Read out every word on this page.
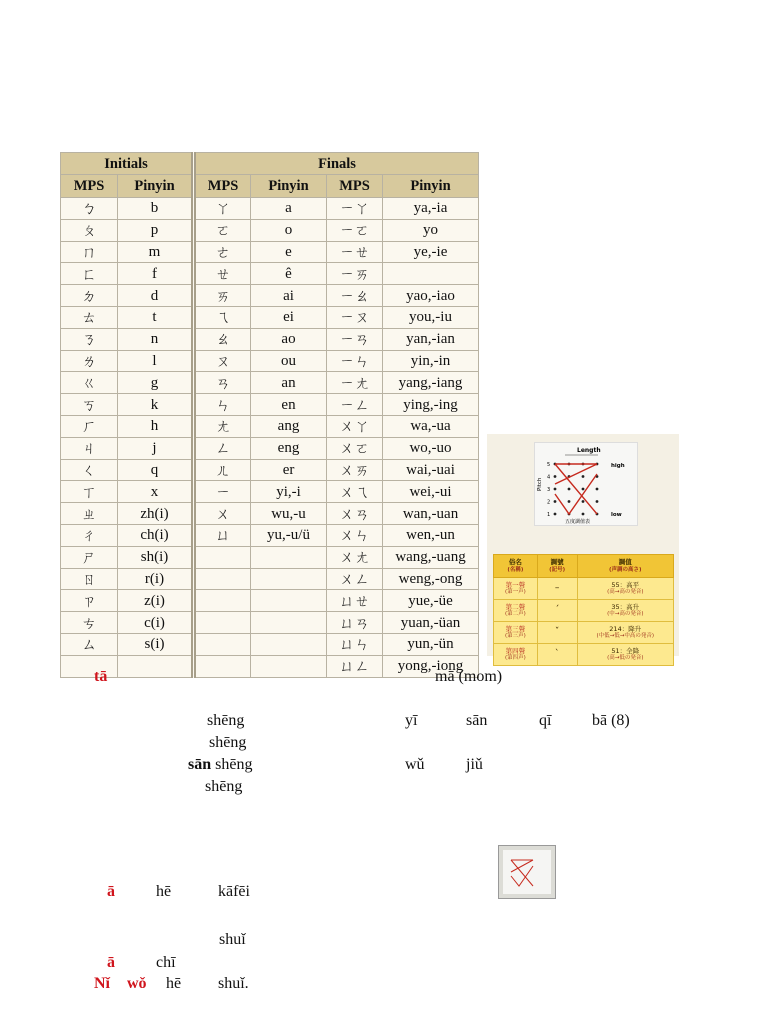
Initials		Finals			
MPS	Pinyin	MPS	Pinyin	MPS	Pinyin
ㄅ	b	ㄚ	a	ㄧㄚ	ya,-ia
ㄆ	p	ㄛ	o	ㄧㄛ	yo
ㄇ	m	ㄜ	e	ㄧㄝ	ye,-ie
ㄈ	f	ㄝ	ê	ㄧㄞ	
ㄉ	d	ㄞ	ai	ㄧㄠ	yao,-iao
ㄊ	t	ㄟ	ei	ㄧㄡ	you,-iu
ㄋ	n	ㄠ	ao	ㄧㄢ	yan,-ian
ㄌ	l	ㄡ	ou	ㄧㄣ	yin,-in
ㄍ	g	ㄢ	an	ㄧㄤ	yang,-iang
ㄎ	k	ㄣ	en	ㄧㄥ	ying,-ing
ㄏ	h	ㄤ	ang	ㄨㄚ	wa,-ua
ㄐ	j	ㄥ	eng	ㄨㄛ	wo,-uo
ㄑ	q	ㄦ	er	ㄨㄞ	wai,-uai
ㄒ	x	ㄧ	yi,-i	ㄨㄟ	wei,-ui
ㄓ	zh(i)	ㄨ	wu,-u	ㄨㄢ	wan,-uan
ㄔ	ch(i)	ㄩ	yu,-u/ü	ㄨㄣ	wen,-un
ㄕ	sh(i)			ㄨㄤ	wang,-uang
ㄖ	r(i)			ㄨㄥ	weng,-ong
ㄗ	z(i)			ㄩㄝ	yue,-üe
ㄘ	c(i)			ㄩㄢ	yuan,-üan
ㄙ	s(i)			ㄩㄣ	yun,-ün
				ㄩㄥ	yong,-iong
Length
Pitch
5
4
3
2
1
high
low
五度調值表
俗名
(名稱)	調號
(記号)	調值
(声調の高さ)

第一聲
(第一声)	–	55：高平
(高→高の発音)

第二聲
(第二声)	ˊ	35：高升
(中→高の発音)

第三聲
(第三声)	ˇ	214：降升
(中低→低→中高の発音)

第四聲
(第四声)	ˋ	51：全降
(高→低の発音)
tā	mā (mom)
shēng	yī	sān	qī	bā (8)
shēng
sān shēng	wǔ	jiǔ
shēng
ā	hē	kāfēi
shuǐ
ā	chī
Nǐ wǒ hē shuǐ.
